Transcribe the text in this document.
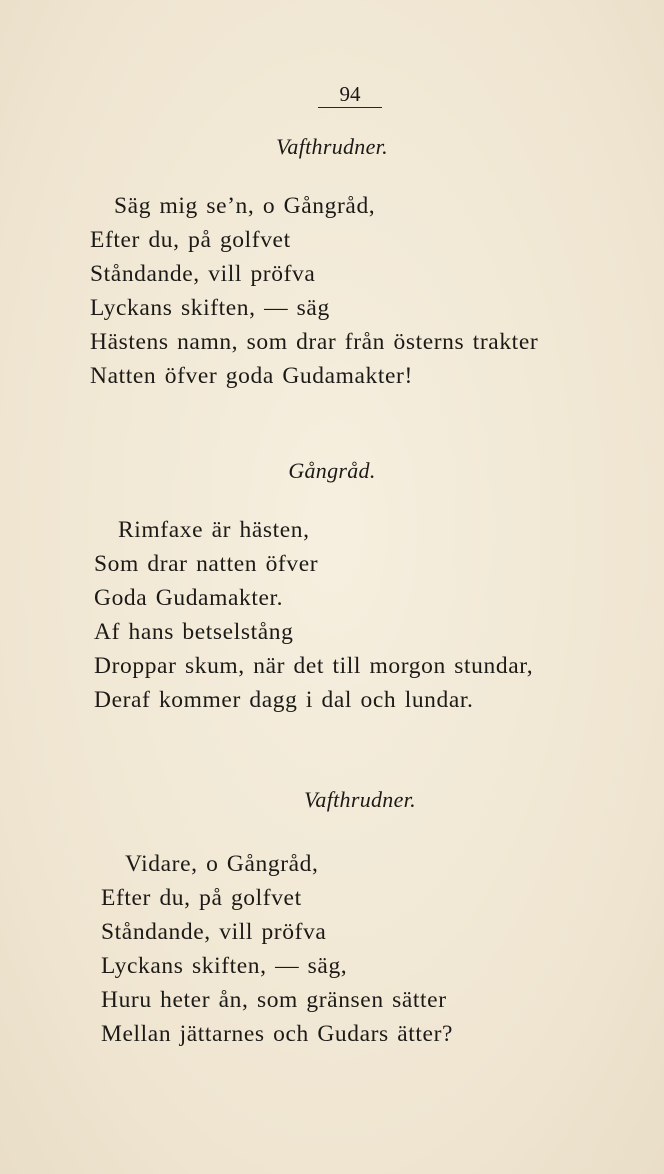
94
Vafthrudner.
Säg mig se’n, o Gångråd,
Efter du, på golfvet
Ståndande, vill pröfva
Lyckans skiften, — säg
Hästens namn, som drar från österns trakter
Natten öfver goda Gudamakter!
Gångråd.
Rimfaxe är hästen,
Som drar natten öfver
Goda Gudamakter.
Af hans betselstång
Droppar skum, när det till morgon stundar,
Deraf kommer dagg i dal och lundar.
Vafthrudner.
Vidare, o Gångråd,
Efter du, på golfvet
Ståndande, vill pröfva
Lyckans skiften, — säg,
Huru heter ån, som gränsen sätter
Mellan jättarnes och Gudars ätter?
